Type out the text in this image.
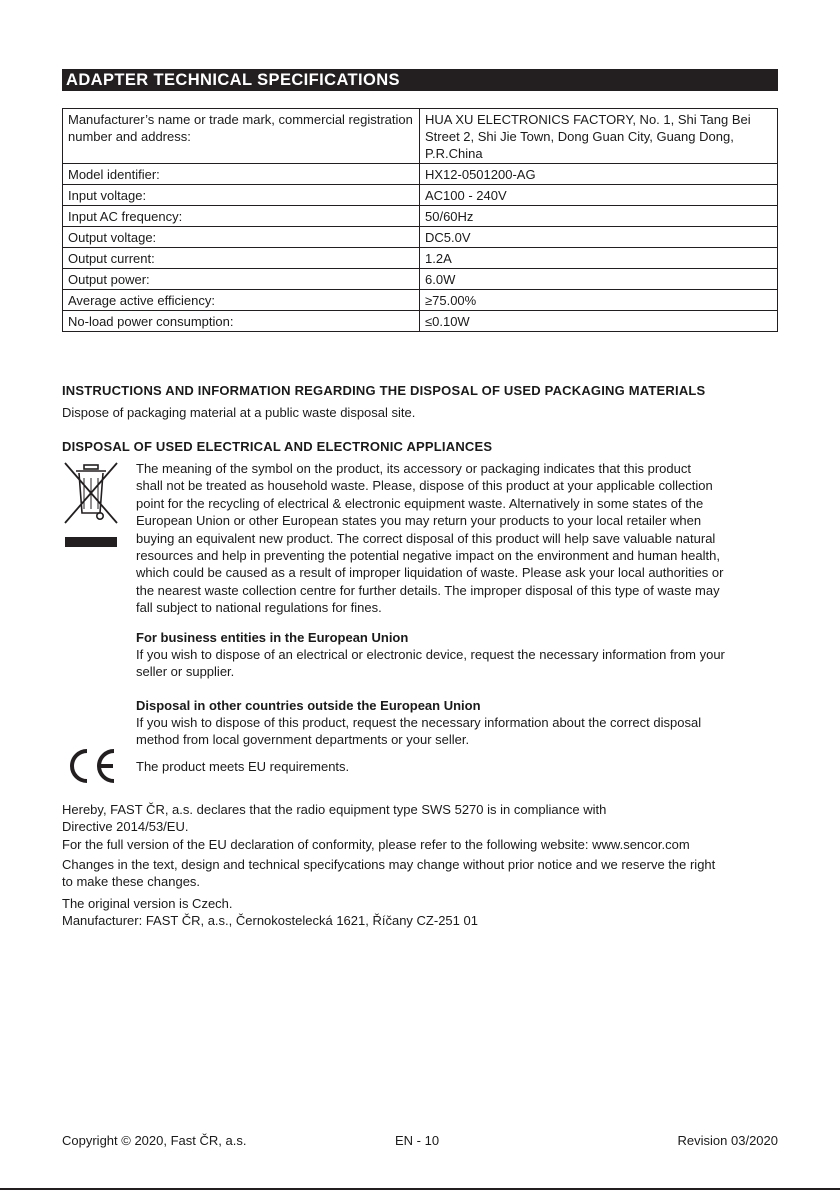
ADAPTER TECHNICAL SPECIFICATIONS
Manufacturer’s name or trade mark, commercial registration number and address:	HUA XU ELECTRONICS FACTORY, No. 1, Shi Tang Bei Street 2, Shi Jie Town, Dong Guan City, Guang Dong, P.R.China
Model identifier:	HX12-0501200-AG
Input voltage:	AC100 - 240V
Input AC frequency:	50/60Hz
Output voltage:	DC5.0V
Output current:	1.2A
Output power:	6.0W
Average active efficiency:	≥75.00%
No-load power consumption:	≤0.10W
INSTRUCTIONS AND INFORMATION REGARDING THE DISPOSAL OF USED PACKAGING MATERIALS
Dispose of packaging material at a public waste disposal site.
DISPOSAL OF USED ELECTRICAL AND ELECTRONIC APPLIANCES
The meaning of the symbol on the product, its accessory or packaging indicates that this product
shall not be treated as household waste. Please, dispose of this product at your applicable collection
point for the recycling of electrical & electronic equipment waste. Alternatively in some states of the
European Union or other European states you may return your products to your local retailer when
buying an equivalent new product. The correct disposal of this product will help save valuable natural
resources and help in preventing the potential negative impact on the environment and human health,
which could be caused as a result of improper liquidation of waste. Please ask your local authorities or
the nearest waste collection centre for further details. The improper disposal of this type of waste may
fall subject to national regulations for fines.
For business entities in the European Union
If you wish to dispose of an electrical or electronic device, request the necessary information from your
seller or supplier.
Disposal in other countries outside the European Union
If you wish to dispose of this product, request the necessary information about the correct disposal
method from local government departments or your seller.
The product meets EU requirements.
Hereby, FAST ČR, a.s. declares that the radio equipment type SWS 5270 is in compliance with
Directive 2014/53/EU.
For the full version of the EU declaration of conformity, please refer to the following website: www.sencor.com
Changes in the text, design and technical specifycations may change without prior notice and we reserve the right
to make these changes.
The original version is Czech.
Manufacturer: FAST ČR, a.s., Černokostelecká 1621, Říčany CZ-251 01
Copyright © 2020, Fast ČR, a.s.	EN - 10	Revision 03/2020
